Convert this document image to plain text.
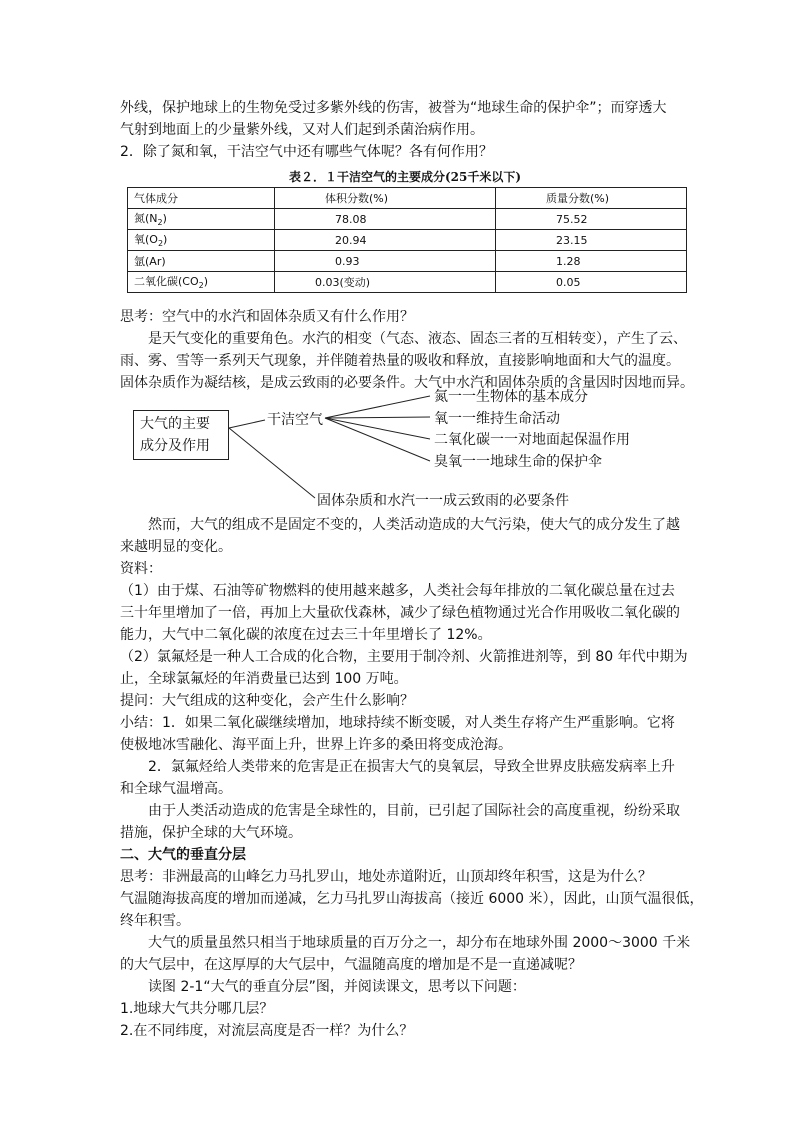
外线，保护地球上的生物免受过多紫外线的伤害，被誉为“地球生命的保护伞”；而穿透大
气射到地面上的少量紫外线，又对人们起到杀菌治病作用。
2．除了氮和氧，干洁空气中还有哪些气体呢？各有何作用？
表２．１干洁空气的主要成分(25千米以下)
气体成分	体积分数(%)	质量分数(%)
氮$(N_2)$	78.08	75.52
氧$(O_2)$	20.94	23.15
氩(Ar)	0.93	1.28
二氧化碳$(CO_2)$	0.03(变动)	0.05
思考：空气中的水汽和固体杂质又有什么作用？
是天气变化的重要角色。水汽的相变（气态、液态、固态三者的互相转变），产生了云、
雨、雾、雪等一系列天气现象，并伴随着热量的吸收和释放，直接影响地面和大气的温度。
固体杂质作为凝结核，是成云致雨的必要条件。大气中水汽和固体杂质的含量因时因地而异。
大气的主要
成分及作用
干洁空气
氮一一生物体的基本成分
氧一一维持生命活动
二氧化碳一一对地面起保温作用
臭氧一一地球生命的保护伞
固体杂质和水汽一一成云致雨的必要条件
然而，大气的组成不是固定不变的，人类活动造成的大气污染，使大气的成分发生了越
来越明显的变化。
资料：
（1）由于煤、石油等矿物燃料的使用越来越多，人类社会每年排放的二氧化碳总量在过去
三十年里增加了一倍，再加上大量砍伐森林，减少了绿色植物通过光合作用吸收二氧化碳的
能力，大气中二氧化碳的浓度在过去三十年里增长了 12%。
（2）氯氟烃是一种人工合成的化合物，主要用于制冷剂、火箭推进剂等，到 80 年代中期为
止，全球氯氟烃的年消费量已达到 100 万吨。
提问：大气组成的这种变化，会产生什么影响？
小结：1．如果二氧化碳继续增加，地球持续不断变暖，对人类生存将产生严重影响。它将
使极地冰雪融化、海平面上升，世界上许多的桑田将变成沧海。
2．氯氟烃给人类带来的危害是正在损害大气的臭氧层，导致全世界皮肤癌发病率上升
和全球气温增高。
由于人类活动造成的危害是全球性的，目前，已引起了国际社会的高度重视，纷纷采取
措施，保护全球的大气环境。
二、大气的垂直分层
思考：非洲最高的山峰乞力马扎罗山，地处赤道附近，山顶却终年积雪，这是为什么？
气温随海拔高度的增加而递减，乞力马扎罗山海拔高（接近 6000 米），因此，山顶气温很低，
终年积雪。
大气的质量虽然只相当于地球质量的百万分之一，却分布在地球外围 2000～3000 千米
的大气层中，在这厚厚的大气层中，气温随高度的增加是不是一直递减呢？
读图 2-1“大气的垂直分层”图，并阅读课文，思考以下问题：
1.地球大气共分哪几层？
2.在不同纬度，对流层高度是否一样？为什么？
